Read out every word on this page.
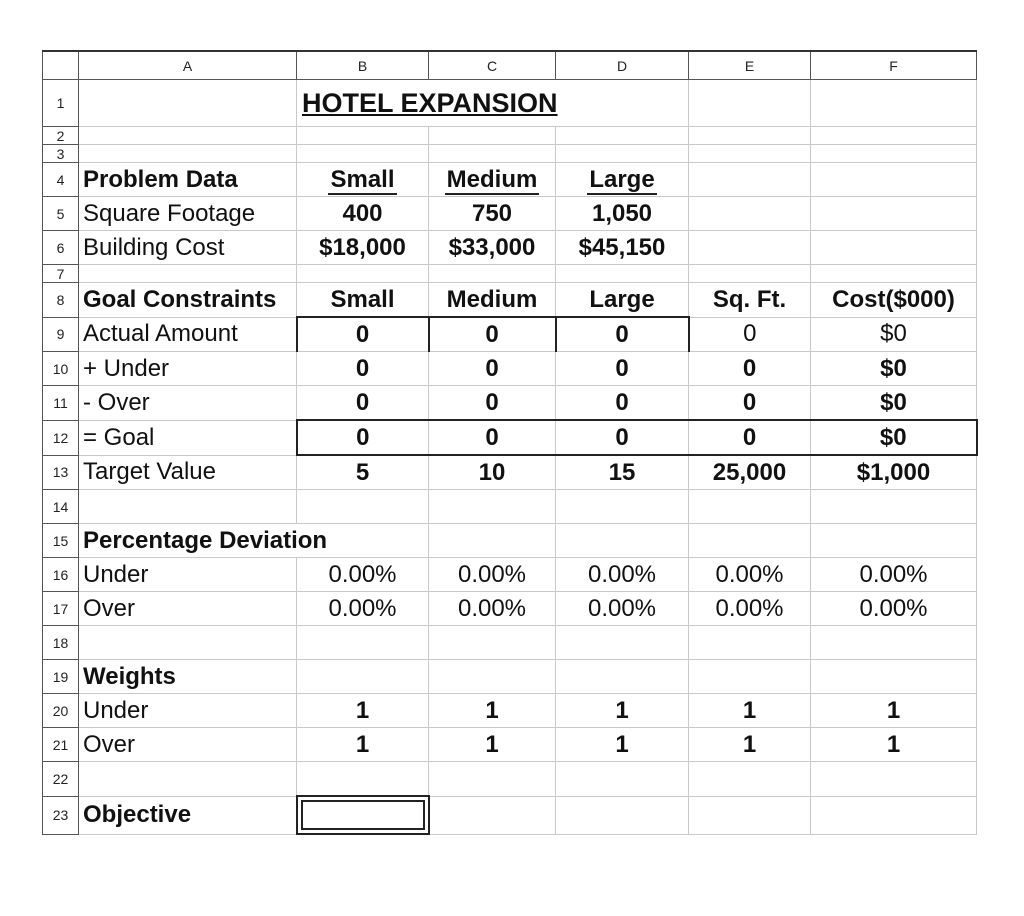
	A	B	C	D	E	F
1		HOTEL EXPANSION				
2						
3						
4	Problem Data	Small	Medium	Large		
5	Square Footage	400	750	1,050		
6	Building Cost	$18,000	$33,000	$45,150		
7						
8	Goal Constraints	Small	Medium	Large	Sq. Ft.	Cost($000)
9	Actual Amount	0	0	0	0	$0
10	+ Under	0	0	0	0	$0
11	- Over	0	0	0	0	$0
12	= Goal	0	0	0	0	$0
13	Target Value	5	10	15	25,000	$1,000
14						
15	Percentage Deviation					
16	Under	0.00%	0.00%	0.00%	0.00%	0.00%
17	Over	0.00%	0.00%	0.00%	0.00%	0.00%
18						
19	Weights					
20	Under	1	1	1	1	1
21	Over	1	1	1	1	1
22						
23	Objective	
